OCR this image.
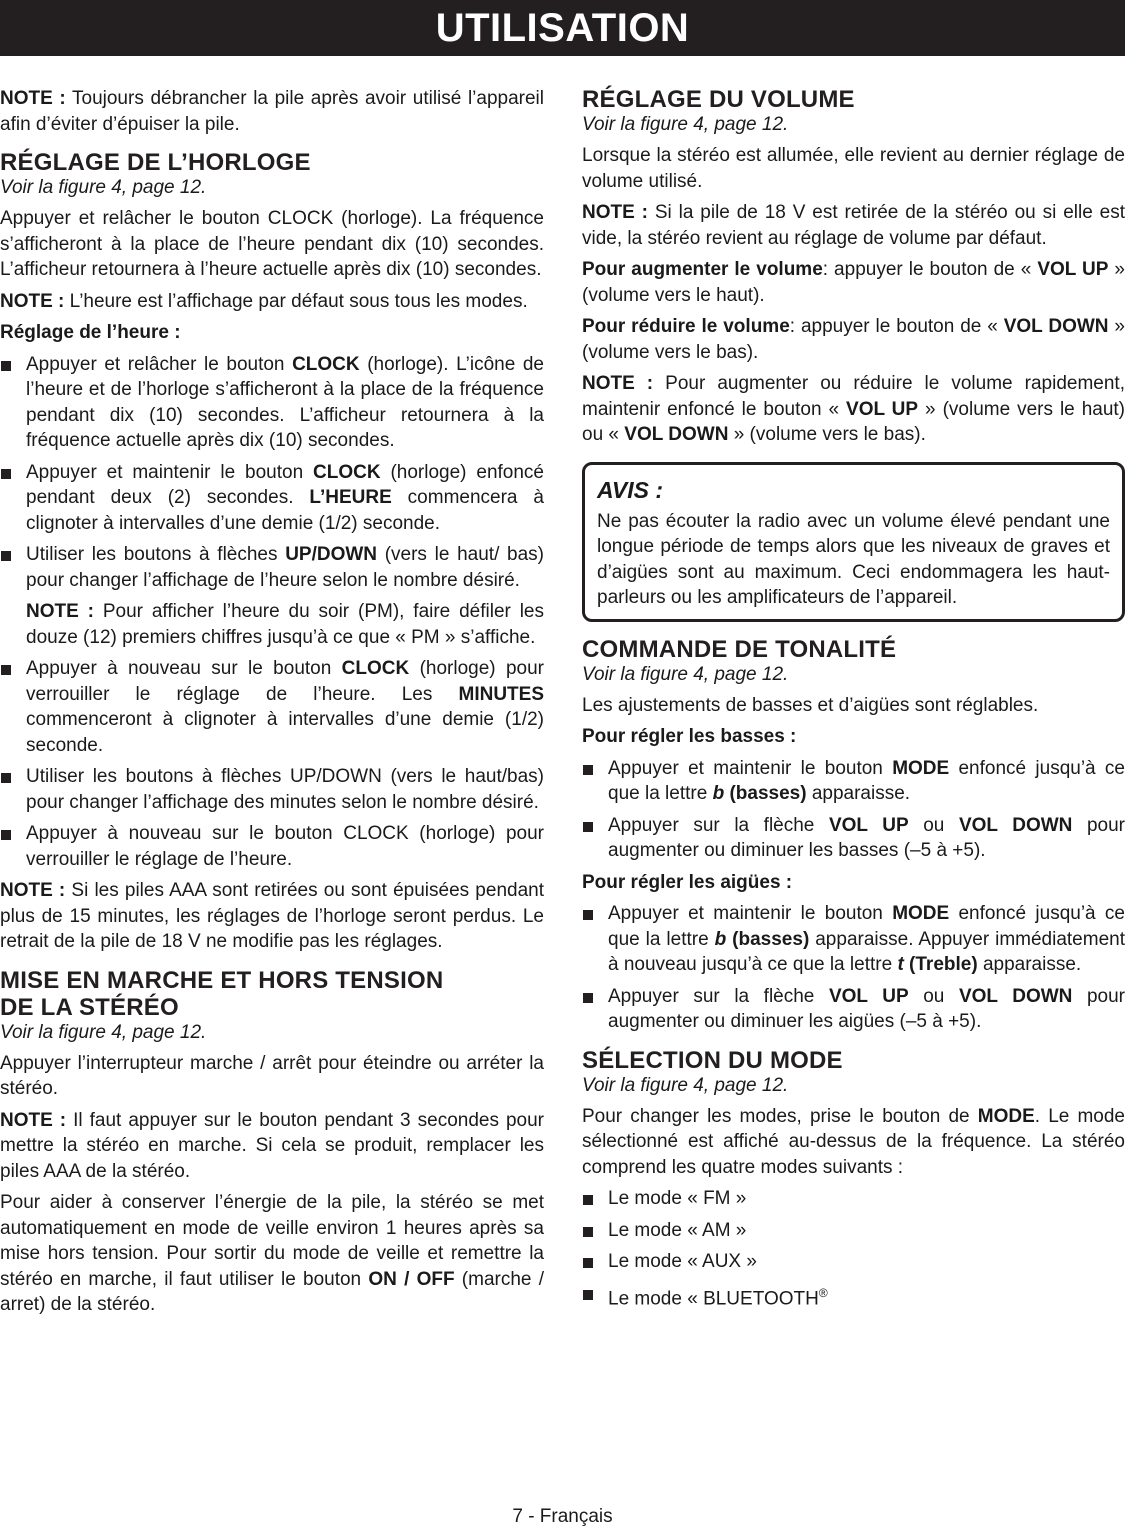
UTILISATION

NOTE : Toujours débrancher la pile après avoir utilisé l’appareil afin d’éviter d’épuiser la pile.

RÉGLAGE DE L’HORLOGE
Voir la figure 4, page 12.

Appuyer et relâcher le bouton CLOCK (horloge). La fréquence s’afficheront à la place de l’heure pendant dix (10) secondes. L’afficheur retournera à l’heure actuelle après dix (10) secondes.

NOTE : L’heure est l’affichage par défaut sous tous les modes.

Réglage de l’heure :
Appuyer et relâcher le bouton CLOCK (horloge). L’icône de l’heure et de l’horloge s’afficheront à la place de la fréquence pendant dix (10) secondes. L’afficheur retournera à la fréquence actuelle après dix (10) secondes.
Appuyer et maintenir le bouton CLOCK (horloge) enfoncé pendant deux (2) secondes. L’HEURE commencera à clignoter à intervalles d’une demie (1/2) seconde.
Utiliser les boutons à flèches UP/DOWN (vers le haut/ bas) pour changer l’affichage de l’heure selon le nombre désiré.

NOTE : Pour afficher l’heure du soir (PM), faire défiler les douze (12) premiers chiffres jusqu’à ce que « PM » s’affiche.

Appuyer à nouveau sur le bouton CLOCK (horloge) pour verrouiller le réglage de l’heure. Les MINUTES commenceront à clignoter à intervalles d’une demie (1/2) seconde.
Utiliser les boutons à flèches UP/DOWN (vers le haut/bas) pour changer l’affichage des minutes selon le nombre désiré.
Appuyer à nouveau sur le bouton CLOCK (horloge) pour verrouiller le réglage de l’heure.

NOTE : Si les piles AAA sont retirées ou sont épuisées pendant plus de 15 minutes, les réglages de l’horloge seront perdus. Le retrait de la pile de 18 V ne modifie pas les réglages.

MISE EN MARCHE ET HORS TENSION
DE LA STÉRÉO
Voir la figure 4, page 12.

Appuyer l’interrupteur marche / arrêt pour éteindre ou arréter la stéréo.

NOTE : Il faut appuyer sur le bouton pendant 3 secondes pour mettre la stéréo en marche. Si cela se produit, remplacer les piles AAA de la stéréo.

Pour aider à conserver l’énergie de la pile, la stéréo se met automatiquement en mode de veille environ 1 heures après sa mise hors tension. Pour sortir du mode de veille et remettre la stéréo en marche, il faut utiliser le bouton ON / OFF (marche / arret) de la stéréo.

RÉGLAGE DU VOLUME
Voir la figure 4, page 12.

Lorsque la stéréo est allumée, elle revient au dernier réglage de volume utilisé.

NOTE : Si la pile de 18 V est retirée de la stéréo ou si elle est vide, la stéréo revient au réglage de volume par défaut.

Pour augmenter le volume: appuyer le bouton de « VOL UP » (volume vers le haut).

Pour réduire le volume: appuyer le bouton de « VOL DOWN » (volume vers le bas).

NOTE : Pour augmenter ou réduire le volume rapidement, maintenir enfoncé le bouton « VOL UP » (volume vers le haut) ou « VOL DOWN » (volume vers le bas).

AVIS :

Ne pas écouter la radio avec un volume élevé pendant une longue période de temps alors que les niveaux de graves et d’aigües sont au maximum. Ceci endommagera les haut-parleurs ou les amplificateurs de l’appareil.

COMMANDE DE TONALITÉ
Voir la figure 4, page 12.

Les ajustements de basses et d’aigües sont réglables.

Pour régler les basses :
Appuyer et maintenir le bouton MODE enfoncé jusqu’à ce que la lettre b (basses) apparaisse.
Appuyer sur la flèche VOL UP ou VOL DOWN pour augmenter ou diminuer les basses (–5 à +5).
Pour régler les aigües :
Appuyer et maintenir le bouton MODE enfoncé jusqu’à ce que la lettre b (basses) apparaisse. Appuyer immédiatement à nouveau jusqu’à ce que la lettre t (Treble) apparaisse.
Appuyer sur la flèche VOL UP ou VOL DOWN pour augmenter ou diminuer les aigües (–5 à +5).
SÉLECTION DU MODE
Voir la figure 4, page 12.

Pour changer les modes, prise le bouton de MODE. Le mode sélectionné est affiché au-dessus de la fréquence. La stéréo comprend les quatre modes suivants :

Le mode « FM »
Le mode « AM »
Le mode « AUX »
Le mode « BLUETOOTH®
7 - Français
